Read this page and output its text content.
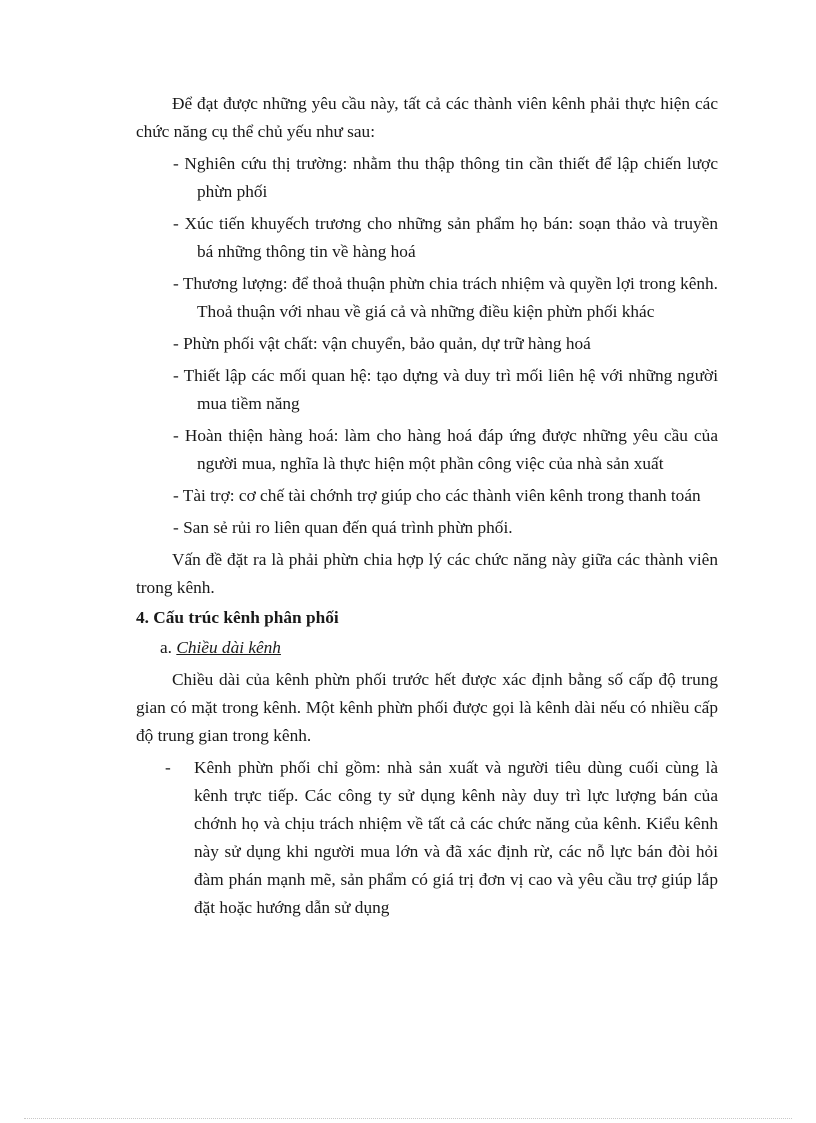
Để đạt được những yêu cầu này, tất cả các thành viên kênh phải thực hiện các chức năng cụ thể chủ yếu như sau:

- Nghiên cứu thị trường: nhằm thu thập thông tin cần thiết để lập chiến lược phừn phối

- Xúc tiến khuyếch trương cho những sản phẩm họ bán: soạn thảo và truyền bá những thông tin về hàng hoá

- Thương lượng: để thoả thuận phừn chia trách nhiệm và quyền lợi trong kênh. Thoả thuận với nhau về giá cả và những điều kiện phừn phối khác

- Phừn phối vật chất: vận chuyển, bảo quản, dự trữ hàng hoá

- Thiết lập các mối quan hệ: tạo dựng và duy trì mối liên hệ với những người mua tiềm năng

- Hoàn thiện hàng hoá: làm cho hàng hoá đáp ứng được những yêu cầu của người mua, nghĩa là thực hiện một phần công việc của nhà sản xuất

- Tài trợ: cơ chế tài chớnh trợ giúp cho các thành viên kênh trong thanh toán

- San sẻ rủi ro liên quan đến quá trình phừn phối.

Vấn đề đặt ra là phải phừn chia hợp lý các chức năng này giữa các thành viên trong kênh.

4. Cấu trúc kênh phân phối

a. Chiều dài kênh

Chiều dài của kênh phừn phối trước hết được xác định bằng số cấp độ trung gian có mặt trong kênh. Một kênh phừn phối được gọi là kênh dài nếu có nhiều cấp độ trung gian trong kênh.

- Kênh phừn phối chỉ gồm: nhà sản xuất và người tiêu dùng cuối cùng là kênh trực tiếp. Các công ty sử dụng kênh này duy trì lực lượng bán của chớnh họ và chịu trách nhiệm về tất cả các chức năng của kênh. Kiểu kênh này sử dụng khi người mua lớn và đã xác định rừ, các nỗ lực bán đòi hỏi đàm phán mạnh mẽ, sản phẩm có giá trị đơn vị cao và yêu cầu trợ giúp lắp đặt hoặc hướng dẫn sử dụng
